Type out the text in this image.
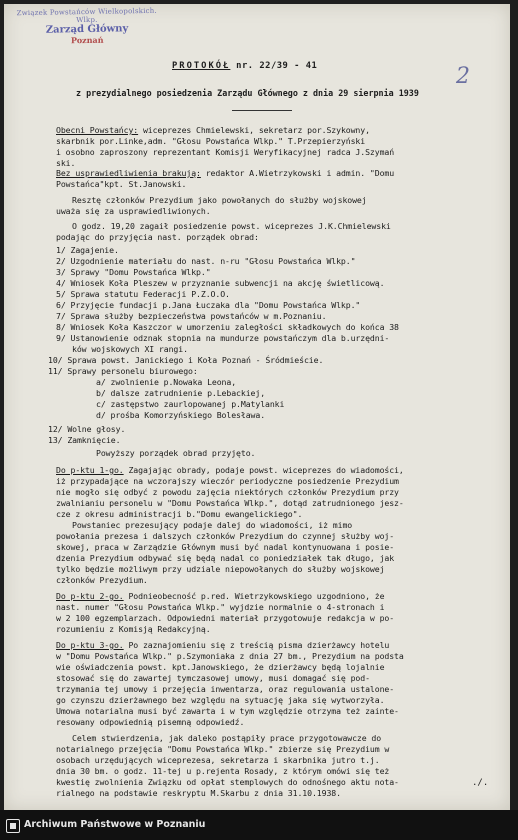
Związek Powstańców Wielkopolskich. Wlkp.
Zarząd Główny
Poznań
2
PROTOKÓŁ nr. 22/39 - 41
z prezydialnego posiedzenia Zarządu Głównego z dnia 29 sierpnia 1939
Obecni Powstańcy: wiceprezes Chmielewski, sekretarz por.Szykowny,
skarbnik por.Linke,adm. "Głosu Powstańca Wlkp." T.Przepierzyński
i osobno zaproszony reprezentant Komisji Weryfikacyjnej radca J.Szymań
ski.
Bez usprawiedliwienia brakują: redaktor A.Wietrzykowski i admin. "Domu
Powstańca"kpt. St.Janowski.
Resztę członków Prezydium jako powołanych do służby wojskowej
uważa się za usprawiedliwionych.
O godz. 19,20 zagaił posiedzenie powst. wiceprezes J.K.Chmielewski
podając do przyjęcia nast. porządek obrad:
1/ Zagajenie.
2/ Uzgodnienie materiału do nast. n-ru "Głosu Powstańca Wlkp."
3/ Sprawy "Domu Powstańca Wlkp."
4/ Wniosek Koła Pleszew w przyznanie subwencji na akcję świetlicową.
5/ Sprawa statutu Federacji P.Z.O.O.
6/ Przyjęcie fundacji p.Jana Łuczaka dla "Domu Powstańca Wlkp."
7/ Sprawa służby bezpieczeństwa powstańców w m.Poznaniu.
8/ Wniosek Koła Kaszczor w umorzeniu zaległości składkowych do końca 38
9/ Ustanowienie odznak stopnia na mundurze powstańczym dla b.urzędni-
ków wojskowych XI rangi.
10/ Sprawa powst. Janickiego i Koła Poznań - Śródmieście.
11/ Sprawy personelu biurowego:
a/ zwolnienie p.Nowaka Leona,
b/ dalsze zatrudnienie p.Lebackiej,
c/ zastępstwo zaurlopowanej p.Matylanki
d/ prośba Komorzyńskiego Bolesława.
12/ Wolne głosy.
13/ Zamknięcie.
Powyższy porządek obrad przyjęto.
Do p-ktu 1-go. Zagajając obrady, podaje powst. wiceprezes do wiadomości,
iż przypadające na wczorajszy wieczór periodyczne posiedzenie Prezydium
nie mogło się odbyć z powodu zajęcia niektórych członków Prezydium przy
zwalnianiu personelu w "Domu Powstańca Wlkp.", dotąd zatrudnionego jesz-
cze z okresu administracji b."Domu ewangelickiego".
Powstaniec prezesujący podaje dalej do wiadomości, iż mimo
powołania prezesa i dalszych członków Prezydium do czynnej służby woj-
skowej, praca w Zarządzie Głównym musi być nadal kontynuowana i posie-
dzenia Prezydium odbywać się będą nadal co poniedziałek tak długo, jak
tylko będzie możliwym przy udziale niepowołanych do służby wojskowej
członków Prezydium.
Do p-ktu 2-go. Podnieobecność p.red. Wietrzykowskiego uzgodniono, że
nast. numer "Głosu Powstańca Wlkp." wyjdzie normalnie o 4-stronach i
w 2 100 egzemplarzach. Odpowiedni materiał przygotowuje redakcja w po-
rozumieniu z Komisją Redakcyjną.
Do p-ktu 3-go. Po zaznajomieniu się z treścią pisma dzierżawcy hotelu
w "Domu Powstańca Wlkp." p.Szymoniaka z dnia 27 bm., Prezydium na podsta
wie oświadczenia powst. kpt.Janowskiego, że dzierżawcy będą lojalnie
stosować się do zawartej tymczasowej umowy, musi domagać się pod-
trzymania tej umowy i przejęcia inwentarza, oraz regulowania ustalone-
go czynszu dzierżawnego bez względu na sytuację jaka się wytworzyła.
Umowa notarialna musi być zawarta i w tym względzie otrzyma też zainte-
resowany odpowiednią pisemną odpowiedź.
Celem stwierdzenia, jak daleko postąpiły prace przygotowawcze do
notarialnego przejęcia "Domu Powstańca Wlkp." zbierze się Prezydium w
osobach urzędujących wiceprezesa, sekretarza i skarbnika jutro t.j.
dnia 30 bm. o godz. 11-tej u p.rejenta Rosady, z którym omówi się też
kwestię zwolnienia Związku od opłat stemplowych do odnośnego aktu nota-
rialnego na podstawie reskryptu M.Skarbu z dnia 31.10.1938.
./.
Archiwum Państwowe w Poznaniu
